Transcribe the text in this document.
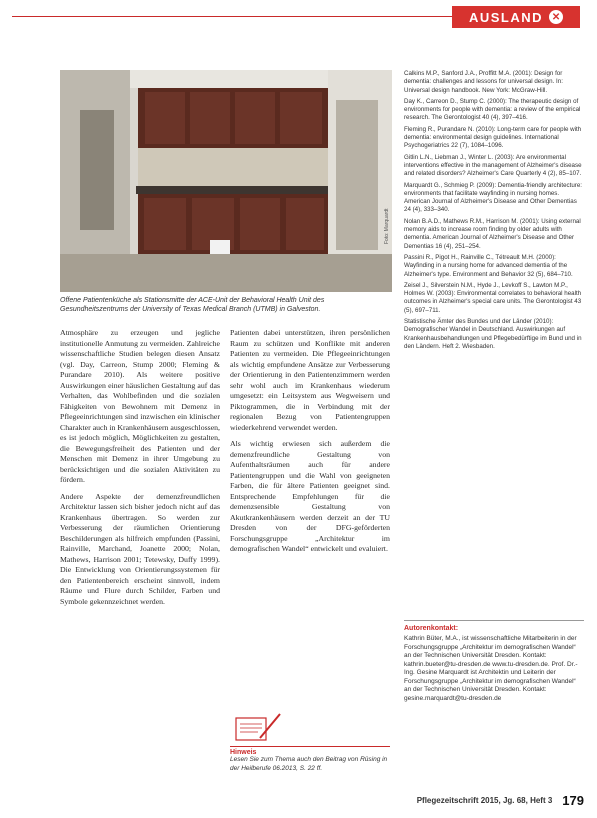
AUSLAND ✕
Foto: Marquardt
Offene Patientenküche als Stationsmitte der ACE-Unit der Behavioral Health Unit des Gesundheitszentrums der University of Texas Medical Branch (UTMB) in Galveston.

Atmosphäre zu erzeugen und jegliche institutionelle Anmutung zu vermeiden. Zahlreiche wissenschaftliche Studien belegen diesen Ansatz (vgl. Day, Carreon, Stump 2000; Fleming & Purandare 2010). Als weitere positive Auswirkungen einer häuslichen Gestaltung auf das Verhalten, das Wohlbefinden und die sozialen Fähigkeiten von Bewohnern mit Demenz in Pflegeeinrichtungen sind inzwischen ein klinischer Charakter auch in Krankenhäusern ausgeschlossen, es ist jedoch möglich, Möglichkeiten zu gestalten, die Bewegungsfreiheit des Patienten und der Menschen mit Demenz in ihrer Umgebung zu berücksichtigen und die sozialen Aktivitäten zu fördern.

Andere Aspekte der demenzfreundlichen Architektur lassen sich bisher jedoch nicht auf das Krankenhaus übertragen. So werden zur Verbesserung der räumlichen Orientierung Beschilderungen als hilfreich empfunden (Passini, Rainville, Marchand, Joanette 2000; Nolan, Mathews, Harrison 2001; Tetewsky, Duffy 1999). Die Entwicklung von Orientierungssystemen für den Patientenbereich erscheint sinnvoll, indem Räume und Flure durch Schilder, Farben und Symbole gekennzeichnet werden.

Patienten dabei unterstützen, ihren persönlichen Raum zu schützen und Konflikte mit anderen Patienten zu vermeiden. Die Pflegeeinrichtungen als wichtig empfundene Ansätze zur Verbesserung der Orientierung in den Patientenzimmern werden sehr wohl auch im Krankenhaus wiederum umgesetzt: ein Leitsystem aus Wegweisern und Piktogrammen, die in Verbindung mit der regionalen Bezug von Patientengruppen wiederkehrend verwendet werden.

Als wichtig erwiesen sich außerdem die demenzfreundliche Gestaltung von Aufenthaltsräumen auch für andere Patientengruppen und die Wahl von geeigneten Farben, die für ältere Patienten geeignet sind. Entsprechende Empfehlungen für die demenzsensible Gestaltung von Akutkrankenhäusern werden derzeit an der TU Dresden von der DFG-geförderten Forschungsgruppe „Architektur im demografischen Wandel“ entwickelt und evaluiert.

Calkins M.P., Sanford J.A., Proffitt M.A. (2001): Design for dementia: challenges and lessons for universal design. In: Universal design handbook. New York: McGraw-Hill.
Day K., Carreon D., Stump C. (2000): The therapeutic design of environments for people with dementia: a review of the empirical research. The Gerontologist 40 (4), 397–416.
Fleming R., Purandare N. (2010): Long-term care for people with dementia: environmental design guidelines. International Psychogeriatrics 22 (7), 1084–1096.
Gitlin L.N., Liebman J., Winter L. (2003): Are environmental interventions effective in the management of Alzheimer's disease and related disorders? Alzheimer's Care Quarterly 4 (2), 85–107.
Marquardt G., Schmieg P. (2009): Dementia-friendly architecture: environments that facilitate wayfinding in nursing homes. American Journal of Alzheimer's Disease and Other Dementias 24 (4), 333–340.
Nolan B.A.D., Mathews R.M., Harrison M. (2001): Using external memory aids to increase room finding by older adults with dementia. American Journal of Alzheimer's Disease and Other Dementias 16 (4), 251–254.
Passini R., Pigot H., Rainville C., Tétreault M.H. (2000): Wayfinding in a nursing home for advanced dementia of the Alzheimer's type. Environment and Behavior 32 (5), 684–710.
Zeisel J., Silverstein N.M., Hyde J., Levkoff S., Lawton M.P., Holmes W. (2003): Environmental correlates to behavioral health outcomes in Alzheimer's special care units. The Gerontologist 43 (5), 697–711.
Statistische Ämter des Bundes und der Länder (2010): Demografischer Wandel in Deutschland. Auswirkungen auf Krankenhausbehandlungen und Pflegebedürftige im Bund und in den Ländern. Heft 2. Wiesbaden.
Autorenkontakt:
Kathrin Büter, M.A., ist wissenschaftliche Mitarbeiterin in der Forschungsgruppe „Architektur im demografischen Wandel“ an der Technischen Universität Dresden. Kontakt: kathrin.bueter@tu-dresden.de www.tu-dresden.de. Prof. Dr.-Ing. Gesine Marquardt ist Architektin und Leiterin der Forschungsgruppe „Architektur im demografischen Wandel“ an der Technischen Universität Dresden. Kontakt: gesine.marquardt@tu-dresden.de
Hinweis
Lesen Sie zum Thema auch den Beitrag von Rüsing in der Heilberufe 06.2013, S. 22 ff.
Pflegezeitschrift 2015, Jg. 68, Heft 3 179
